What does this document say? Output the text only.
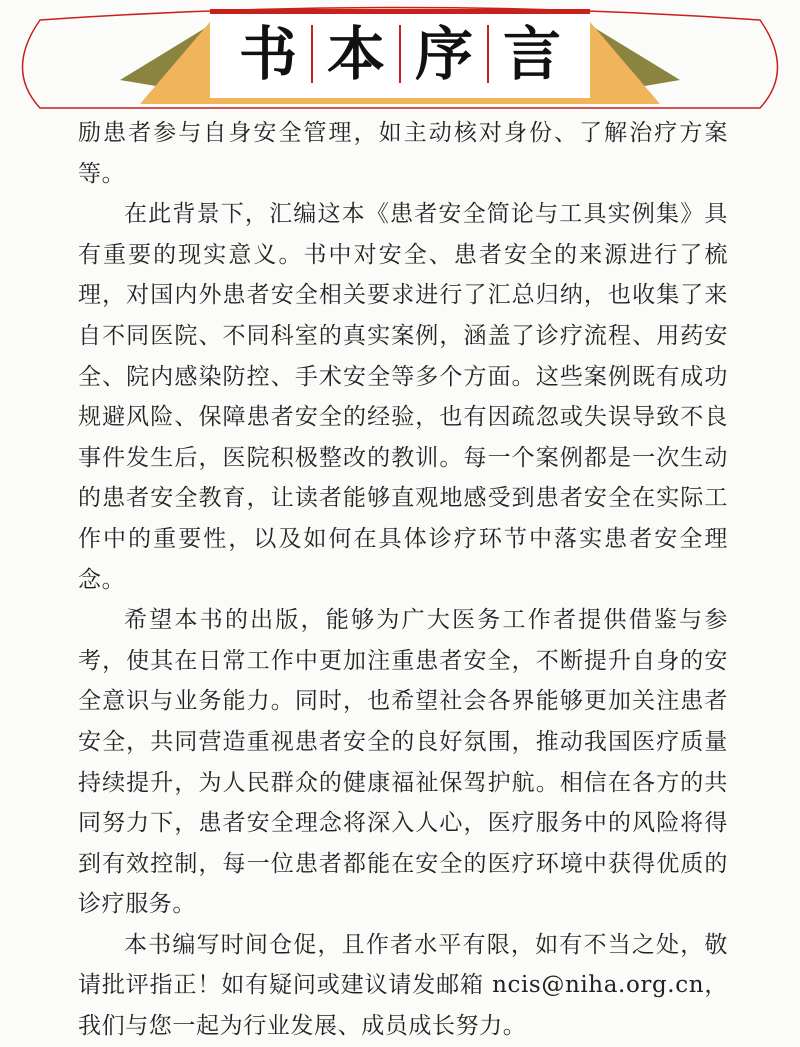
书 本 序 言

励患者参与自身安全管理，如主动核对身份、了解治疗方案等。

在此背景下，汇编这本《患者安全简论与工具实例集》具有重要的现实意义。书中对安全、患者安全的来源进行了梳理，对国内外患者安全相关要求进行了汇总归纳，也收集了来自不同医院、不同科室的真实案例，涵盖了诊疗流程、用药安全、院内感染防控、手术安全等多个方面。这些案例既有成功规避风险、保障患者安全的经验，也有因疏忽或失误导致不良事件发生后，医院积极整改的教训。每一个案例都是一次生动的患者安全教育，让读者能够直观地感受到患者安全在实际工作中的重要性，以及如何在具体诊疗环节中落实患者安全理念。

希望本书的出版，能够为广大医务工作者提供借鉴与参考，使其在日常工作中更加注重患者安全，不断提升自身的安全意识与业务能力。同时，也希望社会各界能够更加关注患者安全，共同营造重视患者安全的良好氛围，推动我国医疗质量持续提升，为人民群众的健康福祉保驾护航。相信在各方的共同努力下，患者安全理念将深入人心，医疗服务中的风险将得到有效控制，每一位患者都能在安全的医疗环境中获得优质的诊疗服务。

本书编写时间仓促，且作者水平有限，如有不当之处，敬请批评指正！如有疑问或建议请发邮箱 ncis@niha.org.cn，我们与您一起为行业发展、成员成长努力。
